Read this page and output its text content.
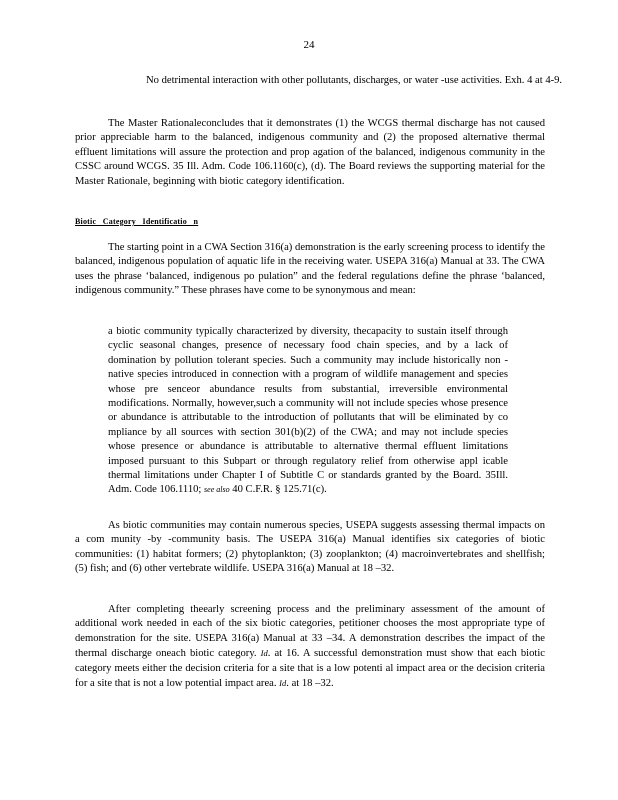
24
No detrimental interaction with other pollutants, discharges, or water -use activities. Exh. 4 at 4-9.
The Master Rationaleconcludes that it demonstrates (1) the WCGS thermal discharge has not caused prior appreciable harm to the balanced, indigenous community and (2) the proposed alternative thermal effluent limitations will assure the protection and prop agation of the balanced, indigenous community in the CSSC around WCGS. 35 Ill. Adm. Code 106.1160(c), (d). The Board reviews the supporting material for the Master Rationale, beginning with biotic category identification.
Biotic   Category   Identificatio   n
The starting point in a CWA Section 316(a) demonstration is the early screening process to identify the balanced, indigenous population of aquatic life in the receiving water. USEPA 316(a) Manual at 33. The CWA uses the phrase ‘balanced, indigenous po pulation” and the federal regulations define the phrase ‘balanced, indigenous community.” These phrases have come to be synonymous and mean:
a biotic community typically characterized by diversity, thecapacity to sustain itself through cyclic seasonal changes, presence of necessary food chain species, and by a lack of domination by pollution tolerant species. Such a community may include historically non -native species introduced in connection with a program of wildlife management and species whose pre senceor abundance results from substantial, irreversible environmental modifications. Normally, however,such a community will not include species whose presence or abundance is attributable to the introduction of pollutants that will be eliminated by co mpliance by all sources with section 301(b)(2) of the CWA; and may not include species whose presence or abundance is attributable to alternative thermal effluent limitations imposed pursuant to this Subpart or through regulatory relief from otherwise appl icable thermal limitations under Chapter I of Subtitle C or standards granted by the Board. 35Ill. Adm. Code 106.1110; see also 40 C.F.R. § 125.71(c).
As biotic communities may contain numerous species, USEPA suggests assessing thermal impacts on a com munity -by -community basis. The USEPA 316(a) Manual identifies six categories of biotic communities: (1) habitat formers; (2) phytoplankton; (3) zooplankton; (4) macroinvertebrates and shellfish; (5) fish; and (6) other vertebrate wildlife. USEPA 316(a) Manual at 18 –32.
After completing theearly screening process and the preliminary assessment of the amount of additional work needed in each of the six biotic categories, petitioner chooses the most appropriate type of demonstration for the site. USEPA 316(a) Manual at 33 –34. A demonstration describes the impact of the thermal discharge oneach biotic category. Id. at 16. A successful demonstration must show that each biotic category meets either the decision criteria for a site that is a low potenti al impact area or the decision criteria for a site that is not a low potential impact area. Id. at 18 –32.
